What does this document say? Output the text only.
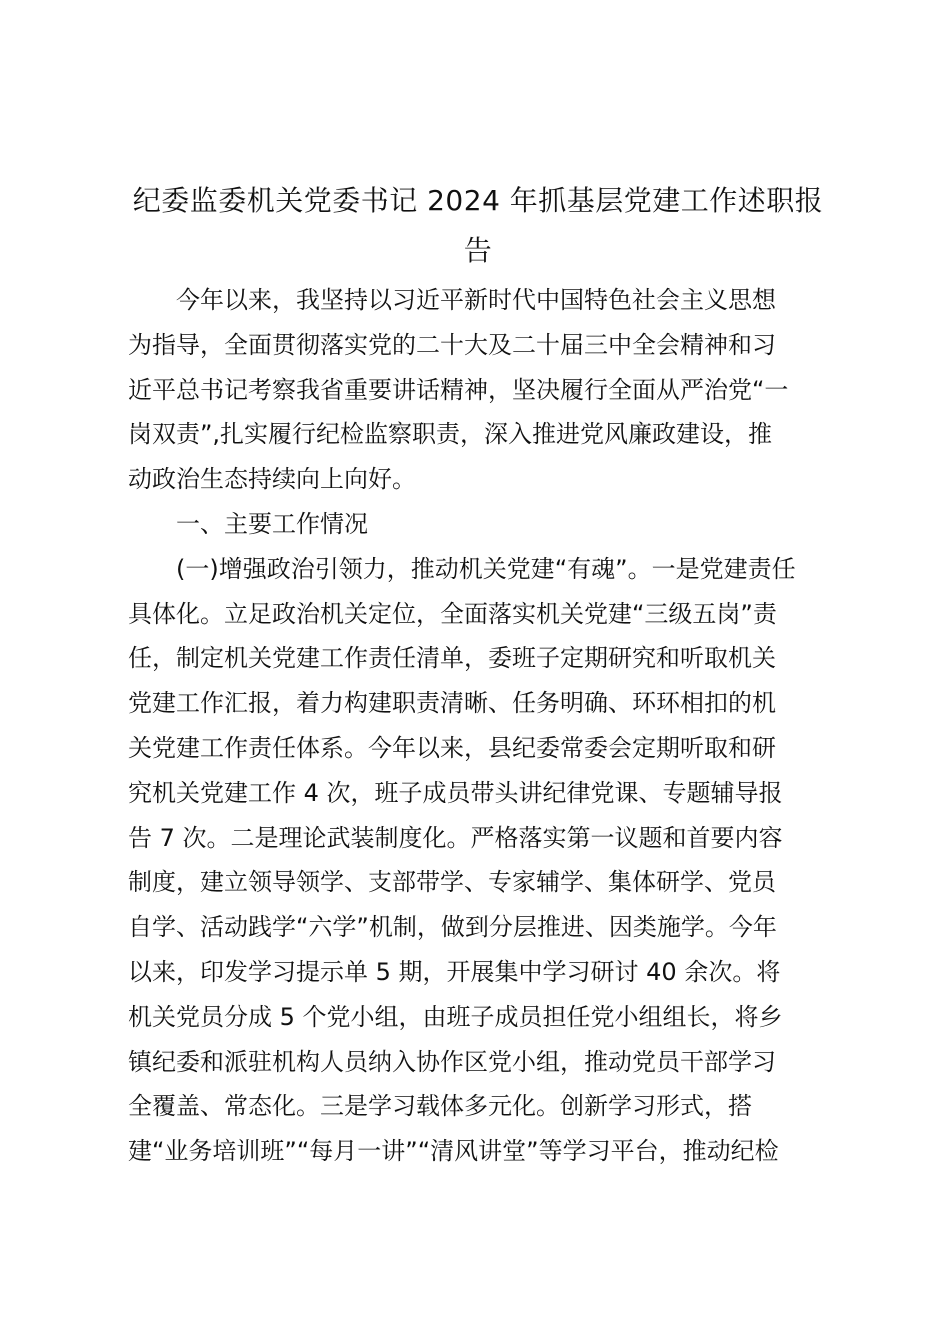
纪委监委机关党委书记 2024 年抓基层党建工作述职报
告
今年以来，我坚持以习近平新时代中国特色社会主义思想
为指导，全面贯彻落实党的二十大及二十届三中全会精神和习
近平总书记考察我省重要讲话精神，坚决履行全面从严治党“一
岗双责”,扎实履行纪检监察职责，深入推进党风廉政建设，推
动政治生态持续向上向好。
一、主要工作情况
(一)增强政治引领力，推动机关党建“有魂”。一是党建责任
具体化。立足政治机关定位，全面落实机关党建“三级五岗”责
任，制定机关党建工作责任清单，委班子定期研究和听取机关
党建工作汇报，着力构建职责清晰、任务明确、环环相扣的机
关党建工作责任体系。今年以来，县纪委常委会定期听取和研
究机关党建工作 4 次，班子成员带头讲纪律党课、专题辅导报
告 7 次。二是理论武装制度化。严格落实第一议题和首要内容
制度，建立领导领学、支部带学、专家辅学、集体研学、党员
自学、活动践学“六学”机制，做到分层推进、因类施学。今年
以来，印发学习提示单 5 期，开展集中学习研讨 40 余次。将
机关党员分成 5 个党小组，由班子成员担任党小组组长，将乡
镇纪委和派驻机构人员纳入协作区党小组，推动党员干部学习
全覆盖、常态化。三是学习载体多元化。创新学习形式，搭
建“业务培训班”“每月一讲”“清风讲堂”等学习平台，推动纪检
